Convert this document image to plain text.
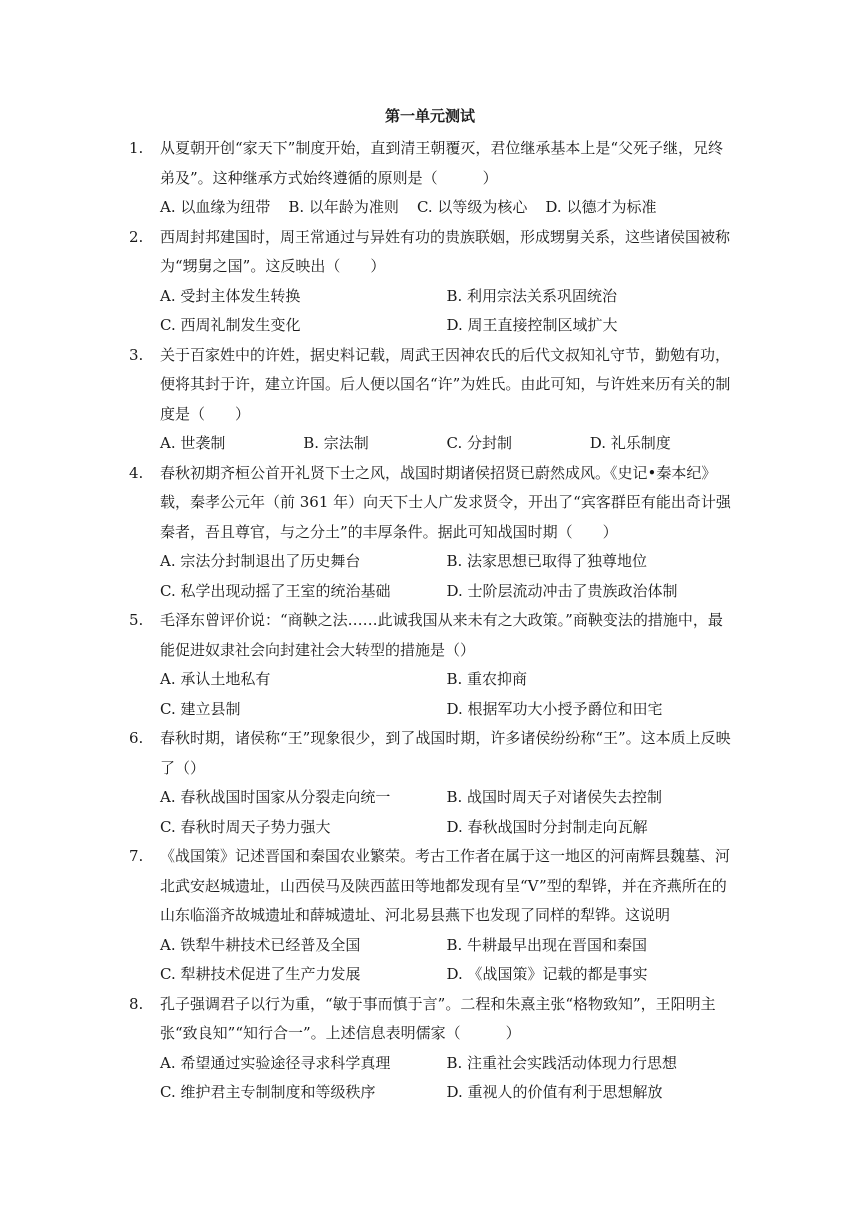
第一单元测试
1.	从夏朝开创“家天下”制度开始，直到清王朝覆灭，君位继承基本上是“父死子继，兄终弟及”。这种继承方式始终遵循的原则是（　　　）
A. 以血缘为纽带 B. 以年龄为准则 C. 以等级为核心 D. 以德才为标准
2.	西周封邦建国时，周王常通过与异姓有功的贵族联姻，形成甥舅关系，这些诸侯国被称为“甥舅之国”。这反映出（　　）
A. 受封主体发生转换	B. 利用宗法关系巩固统治
C. 西周礼制发生变化	D. 周王直接控制区域扩大
3.	关于百家姓中的许姓，据史料记载，周武王因神农氏的后代文叔知礼守节，勤勉有功，便将其封于许，建立许国。后人便以国名“许”为姓氏。由此可知，与许姓来历有关的制度是（　　）
A. 世袭制	B. 宗法制	C. 分封制	D. 礼乐制度
4.	春秋初期齐桓公首开礼贤下士之风，战国时期诸侯招贤已蔚然成风。《史记•秦本纪》载，秦孝公元年（前 361 年）向天下士人广发求贤令，开出了“宾客群臣有能出奇计强秦者，吾且尊官，与之分土”的丰厚条件。据此可知战国时期（　　）
A. 宗法分封制退出了历史舞台	B. 法家思想已取得了独尊地位
C. 私学出现动摇了王室的统治基础	D. 士阶层流动冲击了贵族政治体制
5.	毛泽东曾评价说：“商鞅之法……此诚我国从来未有之大政策。”商鞅变法的措施中，最能促进奴隶社会向封建社会大转型的措施是（）
A. 承认土地私有	B. 重农抑商
C. 建立县制	D. 根据军功大小授予爵位和田宅
6.	春秋时期，诸侯称“王”现象很少，到了战国时期，许多诸侯纷纷称“王”。这本质上反映了（）
A. 春秋战国时国家从分裂走向统一	B. 战国时周天子对诸侯失去控制
C. 春秋时周天子势力强大	D. 春秋战国时分封制走向瓦解
7.	《战国策》记述晋国和秦国农业繁荣。考古工作者在属于这一地区的河南辉县魏墓、河北武安赵城遗址，山西侯马及陕西蓝田等地都发现有呈“V”型的犁铧，并在齐燕所在的山东临淄齐故城遗址和薛城遗址、河北易县燕下也发现了同样的犁铧。这说明
A. 铁犁牛耕技术已经普及全国	B. 牛耕最早出现在晋国和秦国
C. 犁耕技术促进了生产力发展	D. 《战国策》记载的都是事实
8.	孔子强调君子以行为重，“敏于事而慎于言”。二程和朱熹主张“格物致知”，王阳明主张“致良知”“知行合一”。上述信息表明儒家（　　　）
A. 希望通过实验途径寻求科学真理	B. 注重社会实践活动体现力行思想
C. 维护君主专制制度和等级秩序	D. 重视人的价值有利于思想解放
